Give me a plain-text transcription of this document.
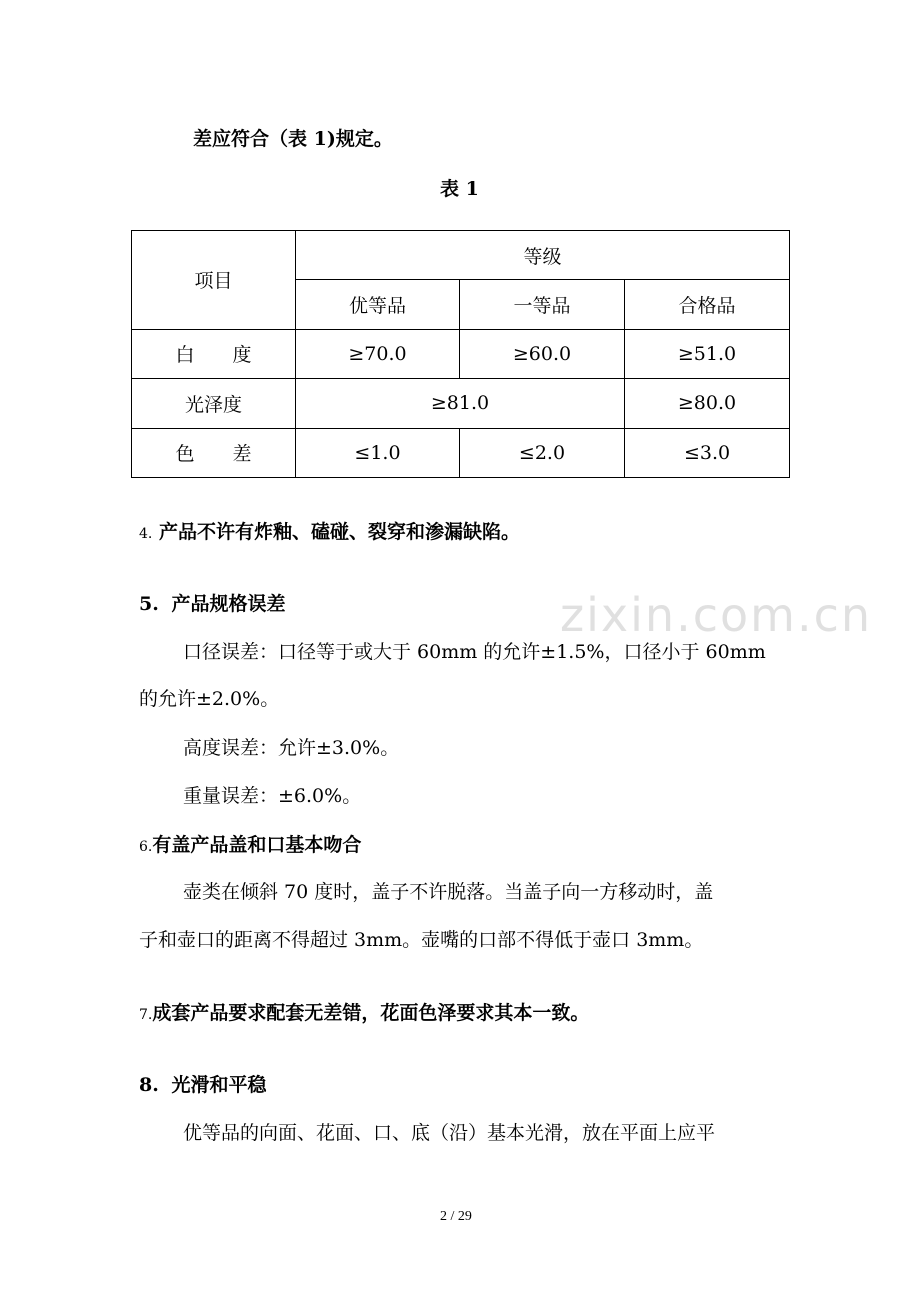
差应符合（表 1)规定。
表 1
项目	等级		
	优等品	一等品	合格品
白　　度	≥70.0	≥60.0	≥51.0
光泽度	≥81.0		≥80.0
色　　差	≤1.0	≤2.0	≤3.0
4. 产品不许有炸釉、磕碰、裂穿和渗漏缺陷。
5. 产品规格误差
口径误差：口径等于或大于 60mm 的允许±1.5%，口径小于 60mm
的允许±2.0%。
高度误差：允许±3.0%。
重量误差：±6.0%。
zixin.com.cn
6.有盖产品盖和口基本吻合
壶类在倾斜 70 度时，盖子不许脱落。当盖子向一方移动时，盖
子和壶口的距离不得超过 3mm。壶嘴的口部不得低于壶口 3mm。
7.成套产品要求配套无差错，花面色泽要求其本一致。
8. 光滑和平稳
优等品的向面、花面、口、底（沿）基本光滑，放在平面上应平
2 / 29
